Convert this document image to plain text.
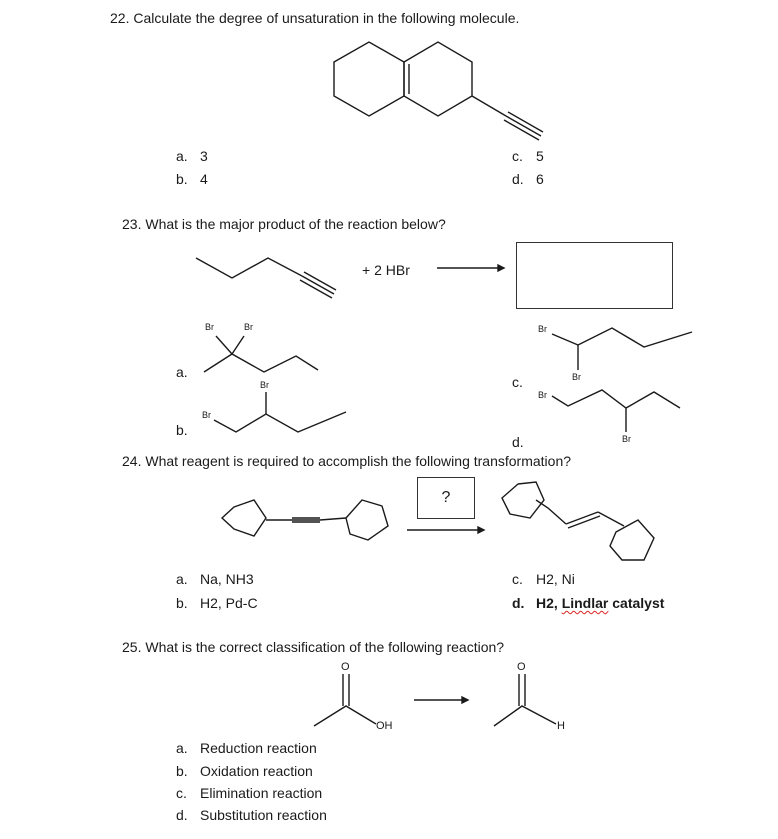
22. Calculate the degree of unsaturation in the following molecule.
a. 3
b. 4
c. 5
d. 6
23. What is the major product of the reaction below?
+ 2 HBr
Br	Br
Br
Br
Br
Br
Br
Br
a.
b.
c.
d.
24. What reagent is required to accomplish the following transformation?
?
a. Na, NH3
b. H2, Pd-C
c. H2, Ni
d. H2, Lindlar catalyst
25. What is the correct classification of the following reaction?
O
OH
O
H
a. Reduction reaction
b. Oxidation reaction
c. Elimination reaction
d. Substitution reaction
